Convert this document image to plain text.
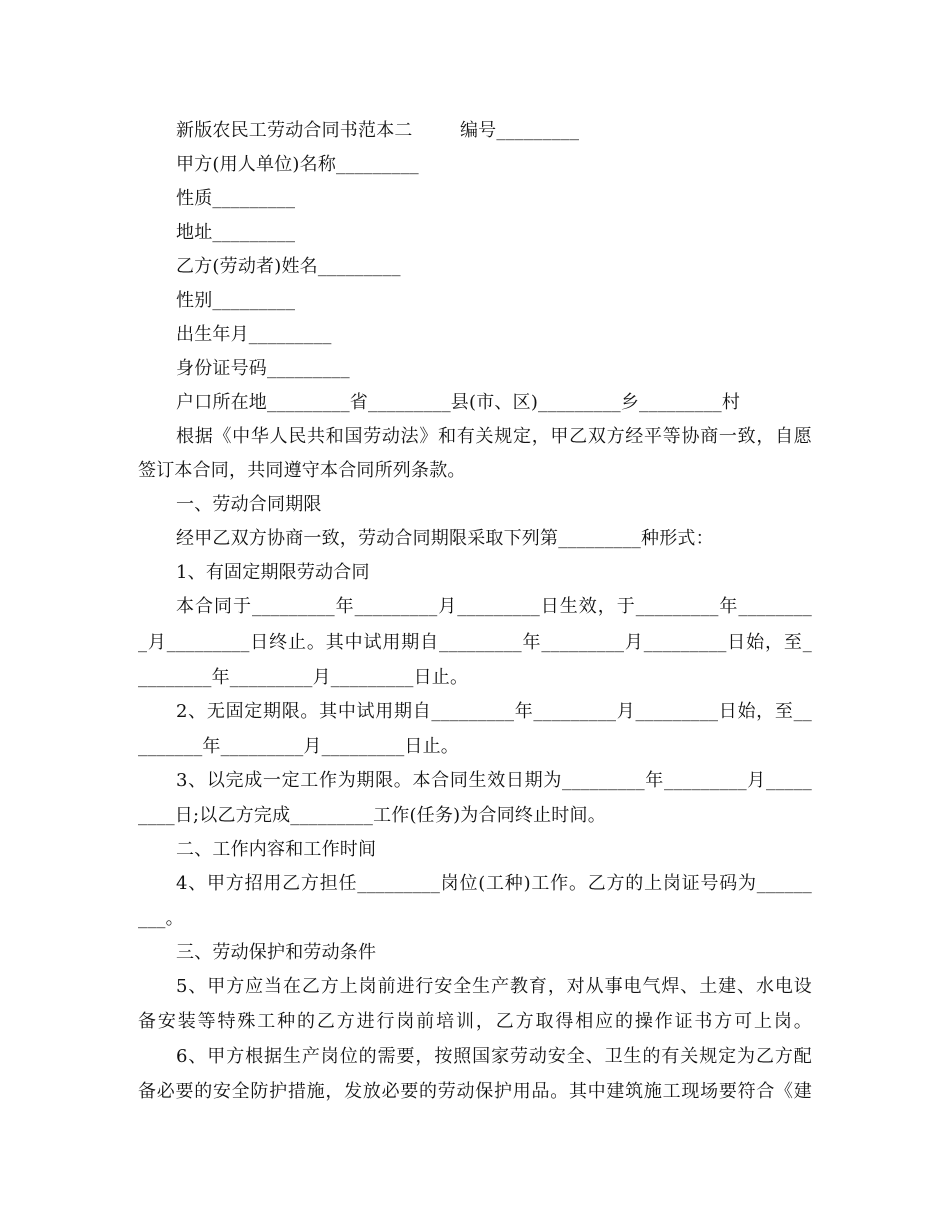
新版农民工劳动合同书范本二        编号_________
甲方(用人单位)名称_________
性质_________
地址_________
乙方(劳动者)姓名_________
性别_________
出生年月_________
身份证号码_________
户口所在地_________省_________县(市、区)_________乡_________村
根据《中华人民共和国劳动法》和有关规定，甲乙双方经平等协商一致，自愿
签订本合同，共同遵守本合同所列条款。
一、劳动合同期限
经甲乙双方协商一致，劳动合同期限采取下列第_________种形式：
1、有固定期限劳动合同
本合同于_________年_________月_________日生效，于_________年________
_月_________日终止。其中试用期自_________年_________月_________日始，至_
________年_________月_________日止。
2、无固定期限。其中试用期自_________年_________月_________日始，至__
_______年_________月_________日止。
3、以完成一定工作为期限。本合同生效日期为_________年_________月_____
____日;以乙方完成_________工作(任务)为合同终止时间。
二、工作内容和工作时间
4、甲方招用乙方担任_________岗位(工种)工作。乙方的上岗证号码为______
___。
三、劳动保护和劳动条件
5、甲方应当在乙方上岗前进行安全生产教育，对从事电气焊、土建、水电设
备安装等特殊工种的乙方进行岗前培训，乙方取得相应的操作证书方可上岗。
6、甲方根据生产岗位的需要，按照国家劳动安全、卫生的有关规定为乙方配
备必要的安全防护措施，发放必要的劳动保护用品。其中建筑施工现场要符合《建
